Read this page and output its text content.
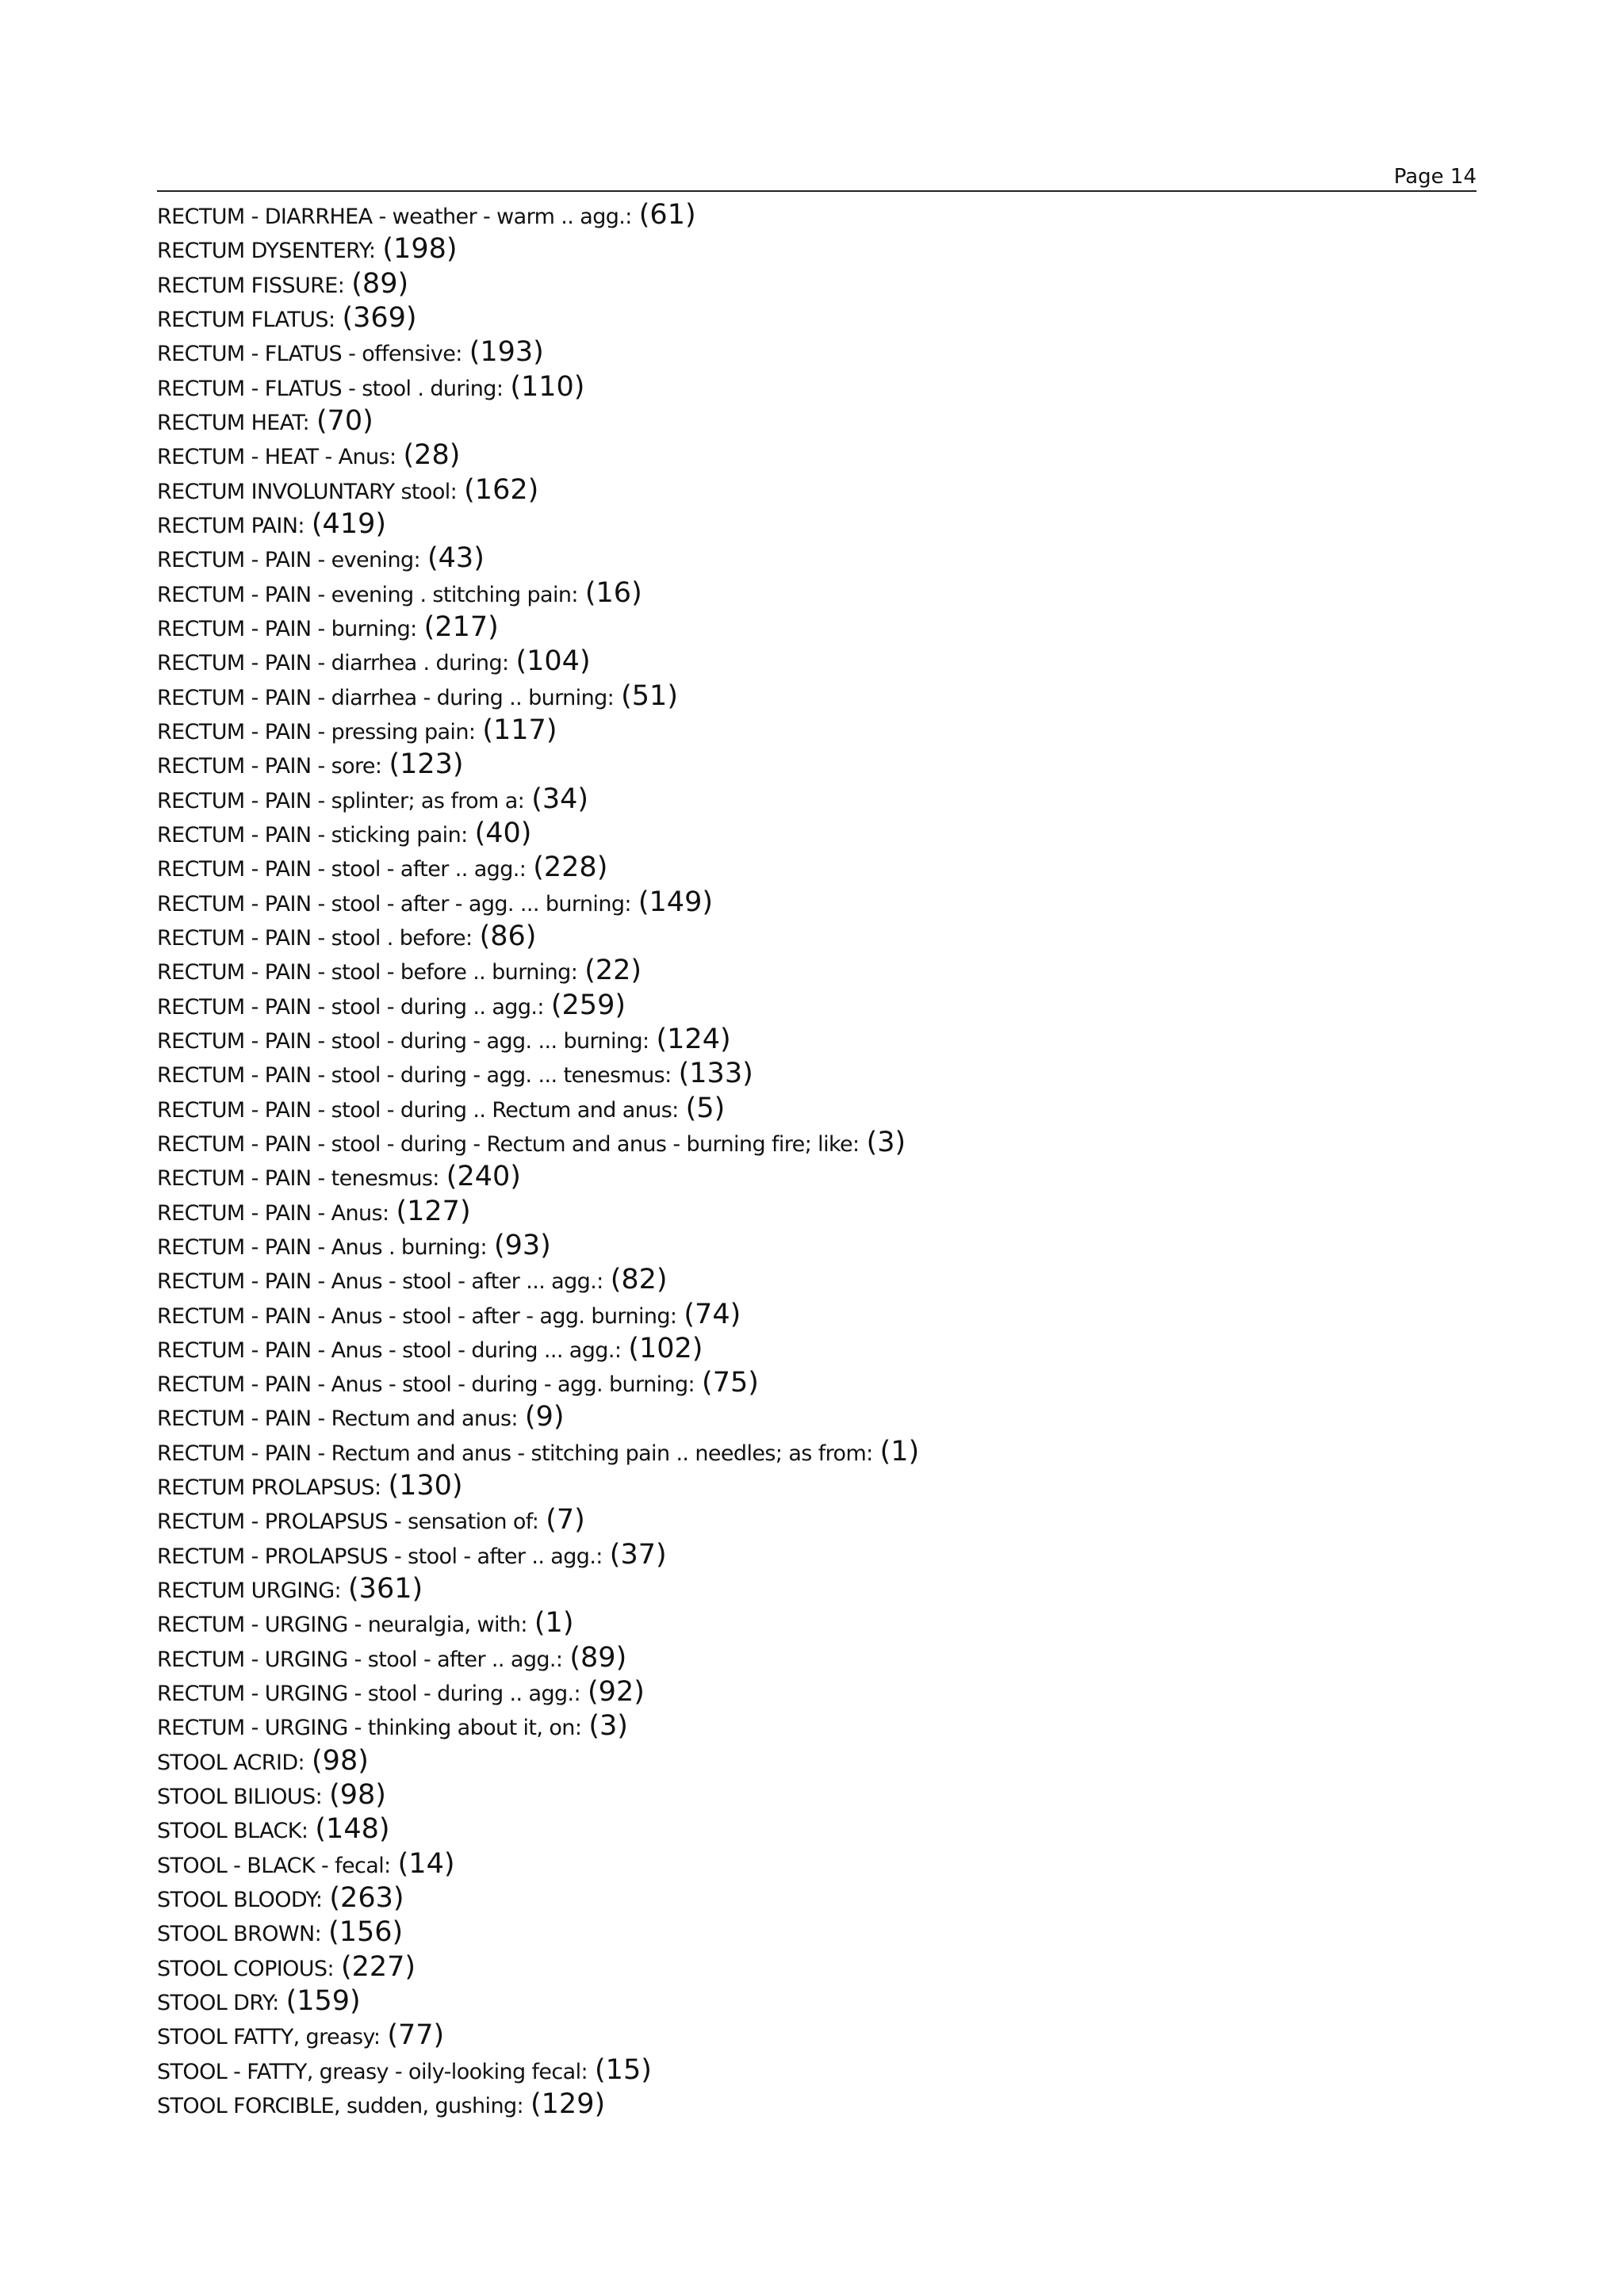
Page 14
RECTUM - DIARRHEA - weather - warm .. agg.: (61)
RECTUM DYSENTERY: (198)
RECTUM FISSURE: (89)
RECTUM FLATUS: (369)
RECTUM - FLATUS - offensive: (193)
RECTUM - FLATUS - stool . during: (110)
RECTUM HEAT: (70)
RECTUM - HEAT - Anus: (28)
RECTUM INVOLUNTARY stool: (162)
RECTUM PAIN: (419)
RECTUM - PAIN - evening: (43)
RECTUM - PAIN - evening . stitching pain: (16)
RECTUM - PAIN - burning: (217)
RECTUM - PAIN - diarrhea . during: (104)
RECTUM - PAIN - diarrhea - during .. burning: (51)
RECTUM - PAIN - pressing pain: (117)
RECTUM - PAIN - sore: (123)
RECTUM - PAIN - splinter; as from a: (34)
RECTUM - PAIN - sticking pain: (40)
RECTUM - PAIN - stool - after .. agg.: (228)
RECTUM - PAIN - stool - after - agg. ... burning: (149)
RECTUM - PAIN - stool . before: (86)
RECTUM - PAIN - stool - before .. burning: (22)
RECTUM - PAIN - stool - during .. agg.: (259)
RECTUM - PAIN - stool - during - agg. ... burning: (124)
RECTUM - PAIN - stool - during - agg. ... tenesmus: (133)
RECTUM - PAIN - stool - during .. Rectum and anus: (5)
RECTUM - PAIN - stool - during - Rectum and anus - burning fire; like: (3)
RECTUM - PAIN - tenesmus: (240)
RECTUM - PAIN - Anus: (127)
RECTUM - PAIN - Anus . burning: (93)
RECTUM - PAIN - Anus - stool - after ... agg.: (82)
RECTUM - PAIN - Anus - stool - after - agg. burning: (74)
RECTUM - PAIN - Anus - stool - during ... agg.: (102)
RECTUM - PAIN - Anus - stool - during - agg. burning: (75)
RECTUM - PAIN - Rectum and anus: (9)
RECTUM - PAIN - Rectum and anus - stitching pain .. needles; as from: (1)
RECTUM PROLAPSUS: (130)
RECTUM - PROLAPSUS - sensation of: (7)
RECTUM - PROLAPSUS - stool - after .. agg.: (37)
RECTUM URGING: (361)
RECTUM - URGING - neuralgia, with: (1)
RECTUM - URGING - stool - after .. agg.: (89)
RECTUM - URGING - stool - during .. agg.: (92)
RECTUM - URGING - thinking about it, on: (3)
STOOL ACRID: (98)
STOOL BILIOUS: (98)
STOOL BLACK: (148)
STOOL - BLACK - fecal: (14)
STOOL BLOODY: (263)
STOOL BROWN: (156)
STOOL COPIOUS: (227)
STOOL DRY: (159)
STOOL FATTY, greasy: (77)
STOOL - FATTY, greasy - oily-looking fecal: (15)
STOOL FORCIBLE, sudden, gushing: (129)
